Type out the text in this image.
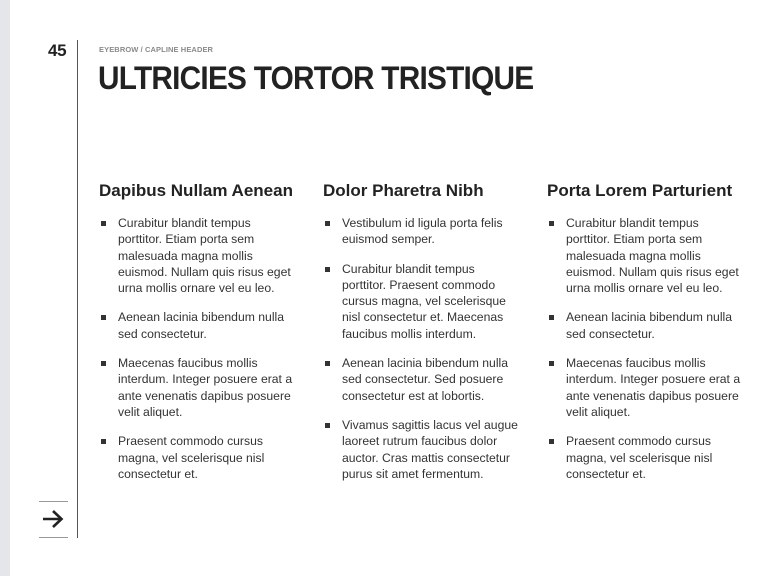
45	EYEBROW / CAPLINE HEADER
ULTRICIES TORTOR TRISTIQUE
Dapibus Nullam Aenean
Curabitur blandit tempus porttitor. Etiam porta sem malesuada magna mollis euismod. Nullam quis risus eget urna mollis ornare vel eu leo.
Aenean lacinia bibendum nulla sed consectetur.
Maecenas faucibus mollis interdum. Integer posuere erat a ante venenatis dapibus posuere velit aliquet.
Praesent commodo cursus magna, vel scelerisque nisl consectetur et.
Dolor Pharetra Nibh
Vestibulum id ligula porta felis euismod semper.
Curabitur blandit tempus porttitor. Praesent commodo cursus magna, vel scelerisque nisl consectetur et. Maecenas faucibus mollis interdum.
Aenean lacinia bibendum nulla sed consectetur. Sed posuere consectetur est at lobortis.
Vivamus sagittis lacus vel augue laoreet rutrum faucibus dolor auctor. Cras mattis consectetur purus sit amet fermentum.
Porta Lorem Parturient
Curabitur blandit tempus porttitor. Etiam porta sem malesuada magna mollis euismod. Nullam quis risus eget urna mollis ornare vel eu leo.
Aenean lacinia bibendum nulla sed consectetur.
Maecenas faucibus mollis interdum. Integer posuere erat a ante venenatis dapibus posuere velit aliquet.
Praesent commodo cursus magna, vel scelerisque nisl consectetur et.
